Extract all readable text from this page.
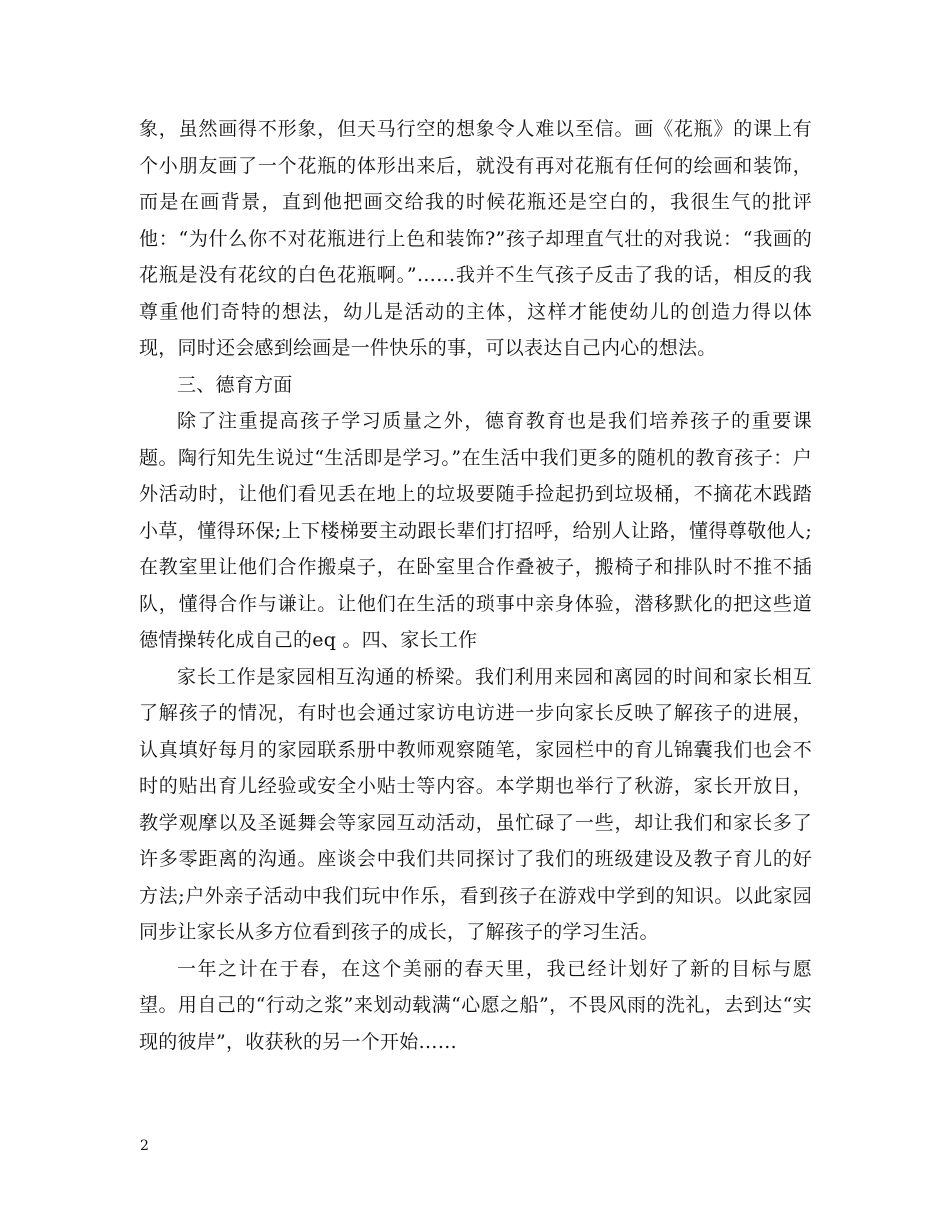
象，虽然画得不形象，但天马行空的想象令人难以至信。画《花瓶》的课上有个小朋友画了一个花瓶的体形出来后，就没有再对花瓶有任何的绘画和装饰，而是在画背景，直到他把画交给我的时候花瓶还是空白的，我很生气的批评他：“为什么你不对花瓶进行上色和装饰?”孩子却理直气壮的对我说：“我画的花瓶是没有花纹的白色花瓶啊。”……我并不生气孩子反击了我的话，相反的我尊重他们奇特的想法，幼儿是活动的主体，这样才能使幼儿的创造力得以体现，同时还会感到绘画是一件快乐的事，可以表达自己内心的想法。

三、德育方面

除了注重提高孩子学习质量之外，德育教育也是我们培养孩子的重要课题。陶行知先生说过“生活即是学习。”在生活中我们更多的随机的教育孩子：户外活动时，让他们看见丢在地上的垃圾要随手捡起扔到垃圾桶，不摘花木践踏小草，懂得环保;上下楼梯要主动跟长辈们打招呼，给别人让路，懂得尊敬他人;在教室里让他们合作搬桌子，在卧室里合作叠被子，搬椅子和排队时不推不插队，懂得合作与谦让。让他们在生活的琐事中亲身体验，潜移默化的把这些道德情操转化成自己的eq 。四、家长工作

家长工作是家园相互沟通的桥梁。我们利用来园和离园的时间和家长相互了解孩子的情况，有时也会通过家访电访进一步向家长反映了解孩子的进展，认真填好每月的家园联系册中教师观察随笔，家园栏中的育儿锦囊我们也会不时的贴出育儿经验或安全小贴士等内容。本学期也举行了秋游，家长开放日，教学观摩以及圣诞舞会等家园互动活动，虽忙碌了一些，却让我们和家长多了许多零距离的沟通。座谈会中我们共同探讨了我们的班级建设及教子育儿的好方法;户外亲子活动中我们玩中作乐，看到孩子在游戏中学到的知识。以此家园同步让家长从多方位看到孩子的成长，了解孩子的学习生活。

一年之计在于春，在这个美丽的春天里，我已经计划好了新的目标与愿望。用自己的“行动之浆”来划动载满“心愿之船”，不畏风雨的洗礼，去到达“实现的彼岸”，收获秋的另一个开始……

2
